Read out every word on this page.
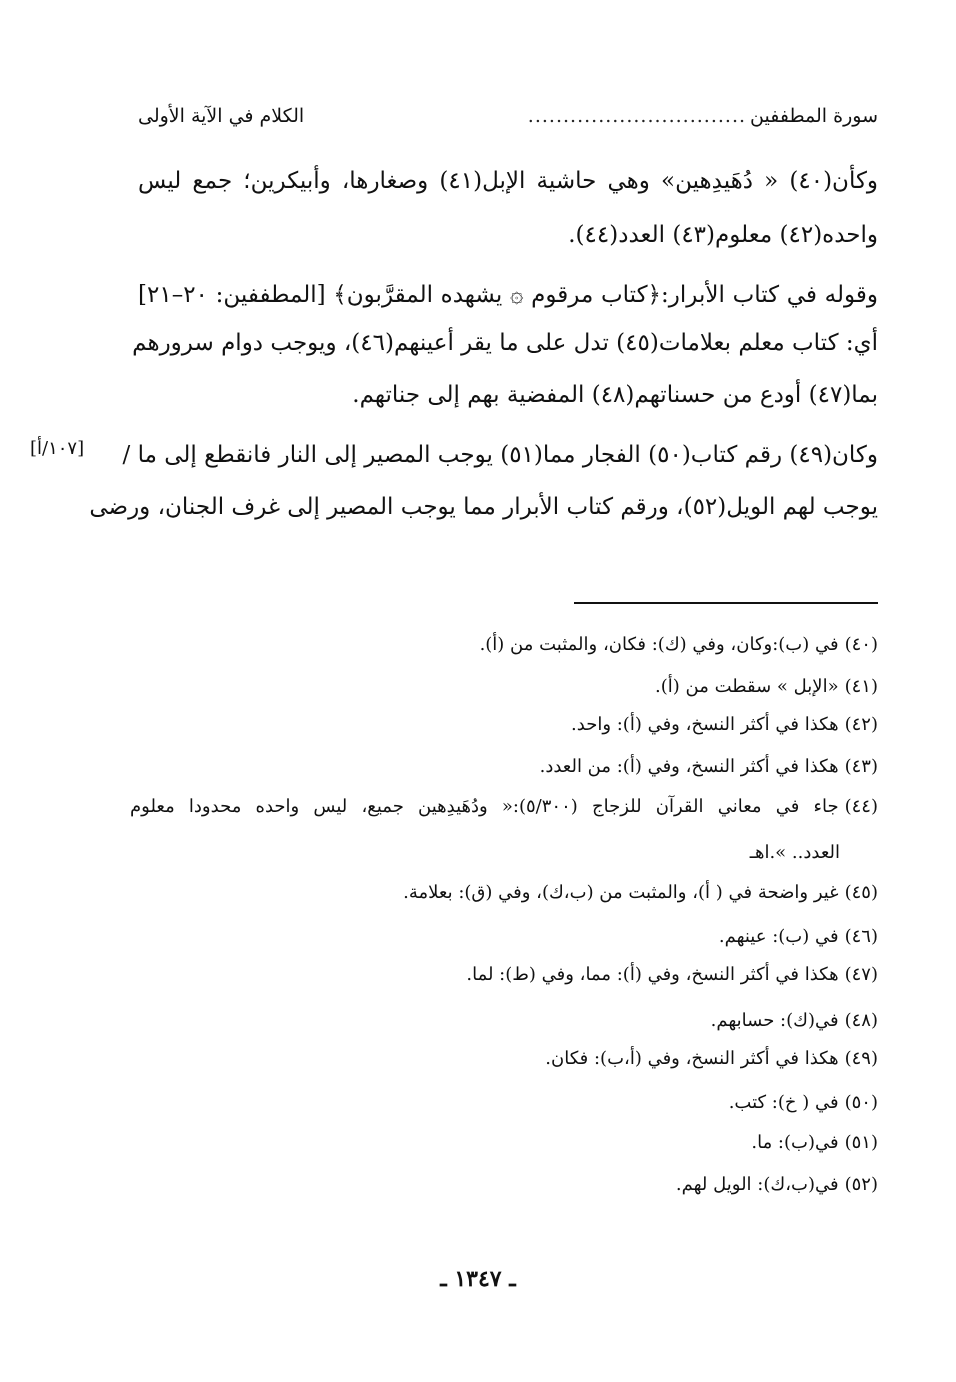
سورة المطففين
...............................
الكلام في الآية الأولى
وكأن(٤٠) « دُهَيدِهين» وهي حاشية الإبل(٤١) وصغارها، وأبيكرين؛ جمع ليس
واحده(٤٢) معلوم(٤٣) العدد(٤٤).
وقوله في كتاب الأبرار:﴿كتاب مرقوم ۞ يشهده المقرَّبون﴾ [المطففين: ٢٠–٢١]
أي: كتاب معلم بعلامات(٤٥) تدل على ما يقر أعينهم(٤٦)، ويوجب دوام سرورهم
بما(٤٧) أودع من حسناتهم(٤٨) المفضية بهم إلى جناتهم.
وكان(٤٩) رقم كتاب(٥٠) الفجار مما(٥١) يوجب المصير إلى النار فانقطع إلى ما /
يوجب لهم الويل(٥٢)، ورقم كتاب الأبرار مما يوجب المصير إلى غرف الجنان، ورضى
[١٠٧/أ]
(٤٠)في (ب):وكان، وفي (ك): فكان، والمثبت من (أ).
(٤١)«الإبل » سقطت من (أ).
(٤٢)هكذا في أكثر النسخ، وفي (أ): واحد.
(٤٣)هكذا في أكثر النسخ، وفي (أ): من العدد.
(٤٤)جاء في معاني القرآن للزجاج (٥/٣٠٠):« ودُهَيدِهين جميع، ليس واحده محدودا معلوم
العدد.. ».اهـ
(٤٥)غير واضحة في ( أ)، والمثبت من (ب،ك)، وفي (ق): بعلامة.
(٤٦)في (ب): عينهم.
(٤٧)هكذا في أكثر النسخ، وفي (أ): مما، وفي (ط): لما.
(٤٨)في(ك): حسابهم.
(٤٩)هكذا في أكثر النسخ، وفي (أ،ب): فكان.
(٥٠)في ( خ): كتب.
(٥١)في(ب): ما.
(٥٢)في(ب،ك): الويل لهم.
ـ ١٣٤٧ ـ
